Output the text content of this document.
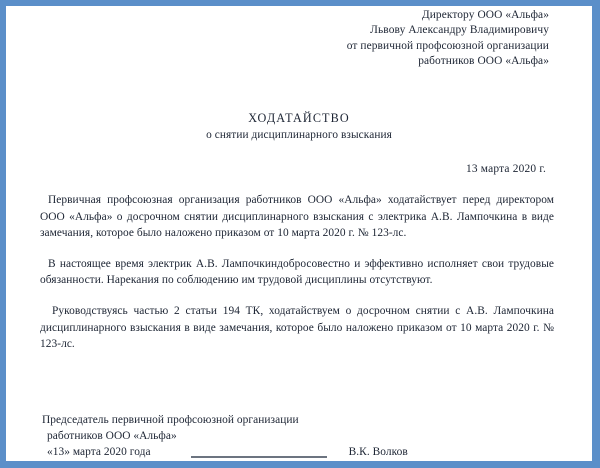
Директору ООО «Альфа»
Львову Александру Владимировичу
от первичной профсоюзной организации
работников ООО «Альфа»
ХОДАТАЙСТВО
о снятии дисциплинарного взыскания
13 марта 2020 г.

Первичная профсоюзная организация работников ООО «Альфа» ходатайствует перед директором ООО «Альфа» о досрочном снятии дисциплинарного взыскания с электрика А.В. Лампочкина в виде замечания, которое было наложено приказом от 10 марта 2020 г. № 123-лс.

В настоящее время электрик А.В. Лампочкиндобросовестно и эффективно исполняет свои трудовые обязанности. Нарекания по соблюдению им трудовой дисциплины отсутствуют.

Руководствуясь частью 2 статьи 194 ТК, ходатайствуем о досрочном снятии с А.В. Лампочкина дисциплинарного взыскания в виде замечания, которое было наложено приказом от 10 марта 2020 г. № 123-лс.

Председатель первичной профсоюзной организации
работников ООО «Альфа»
«13» марта 2020 года	В.К. Волков
